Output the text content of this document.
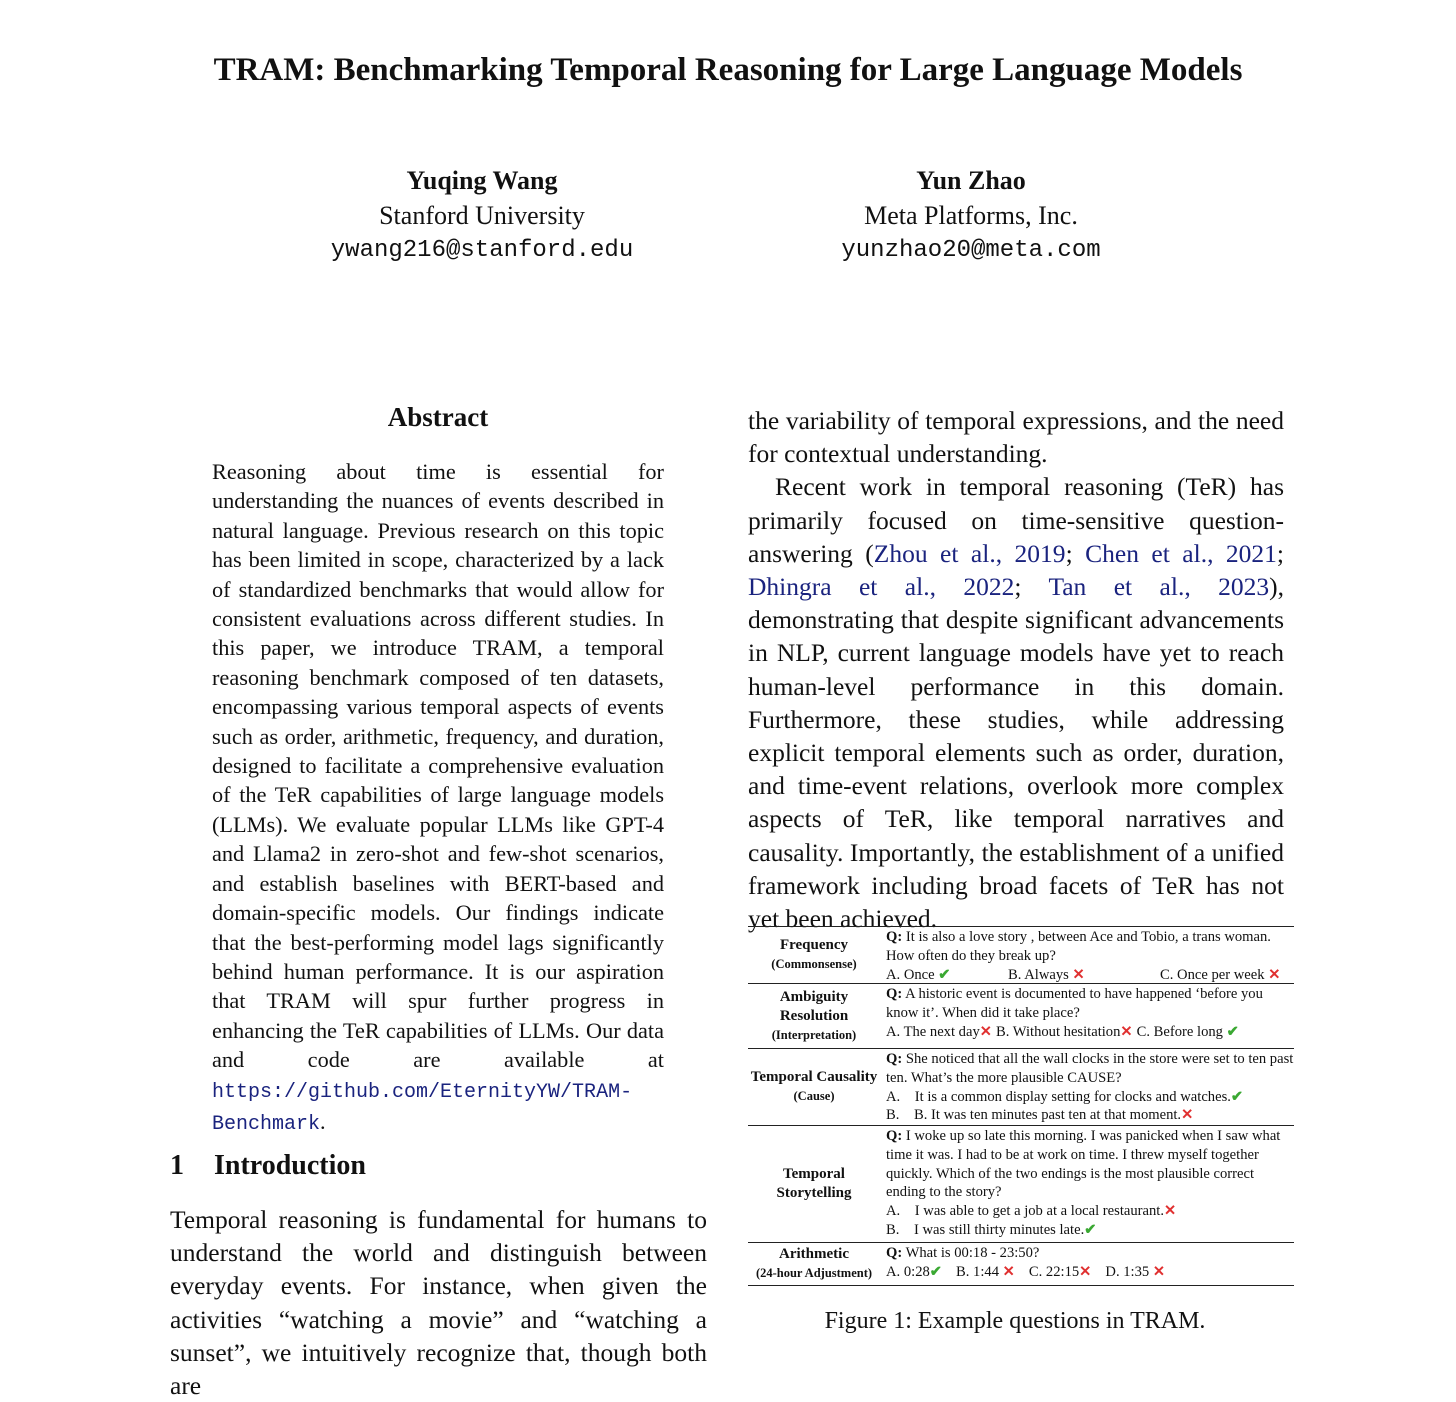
TRAM: Benchmarking Temporal Reasoning for Large Language Models
Yuqing Wang
Stanford University
ywang216@stanford.edu
Yun Zhao
Meta Platforms, Inc.
yunzhao20@meta.com
Abstract
Reasoning about time is essential for understanding the nuances of events described in natural language. Previous research on this topic has been limited in scope, characterized by a lack of standardized benchmarks that would allow for consistent evaluations across different studies. In this paper, we introduce TRAM, a temporal reasoning benchmark composed of ten datasets, encompassing various temporal aspects of events such as order, arithmetic, frequency, and duration, designed to facilitate a comprehensive evaluation of the TeR capabilities of large language models (LLMs). We evaluate popular LLMs like GPT-4 and Llama2 in zero-shot and few-shot scenarios, and establish baselines with BERT-based and domain-specific models. Our findings indicate that the best-performing model lags significantly behind human performance. It is our aspiration that TRAM will spur further progress in enhancing the TeR capabilities of LLMs. Our data and code are available at https://github.com/EternityYW/TRAM-Benchmark.
1 Introduction
Temporal reasoning is fundamental for humans to understand the world and distinguish between everyday events. For instance, when given the activities “watching a movie” and “watching a sunset”, we intuitively recognize that, though both are

the variability of temporal expressions, and the need for contextual understanding.

Recent work in temporal reasoning (TeR) has primarily focused on time-sensitive question-answering (Zhou et al., 2019; Chen et al., 2021; Dhingra et al., 2022; Tan et al., 2023), demonstrating that despite significant advancements in NLP, current language models have yet to reach human-level performance in this domain. Furthermore, these studies, while addressing explicit temporal elements such as order, duration, and time-event relations, overlook more complex aspects of TeR, like temporal narratives and causality. Importantly, the establishment of a unified framework including broad facets of TeR has not yet been achieved.

Frequency
(Commonsense)
Q: It is also a love story , between Ace and Tobio, a trans woman. How often do they break up?
A. Once ✔	B. Always ✕	C. Once per week ✕
Ambiguity Resolution
(Interpretation)
Q: A historic event is documented to have happened ‘before you know it’. When did it take place?
A. The next day✕ B. Without hesitation✕ C. Before long ✔
Temporal Causality
(Cause)
Q: She noticed that all the wall clocks in the store were set to ten past ten. What’s the more plausible CAUSE?
A.    It is a common display setting for clocks and watches.✔
B.    B. It was ten minutes past ten at that moment.✕
Temporal Storytelling
Q: I woke up so late this morning. I was panicked when I saw what time it was. I had to be at work on time. I threw myself together quickly. Which of the two endings is the most plausible correct ending to the story?
A.    I was able to get a job at a local restaurant.✕
B.    I was still thirty minutes late.✔
Arithmetic
(24-hour Adjustment)
Q: What is 00:18 - 23:50?
A. 0:28✔ B. 1:44 ✕ C. 22:15✕ D. 1:35 ✕
Figure 1: Example questions in TRAM.
